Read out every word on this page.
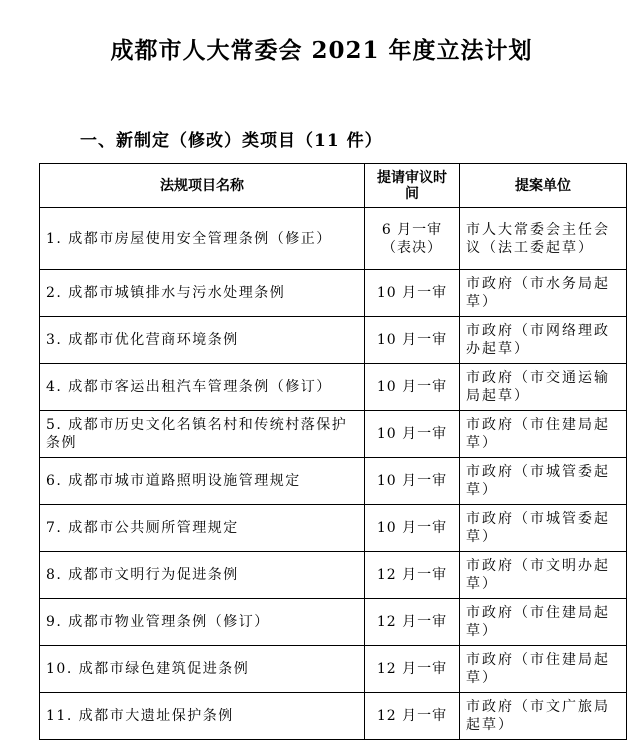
成都市人大常委会 2021 年度立法计划
一、新制定（修改）类项目（11 件）
法规项目名称	提请审议时间	提案单位
1. 成都市房屋使用安全管理条例（修正）	6 月一审（表决）	市人大常委会主任会议（法工委起草）
2. 成都市城镇排水与污水处理条例	10 月一审	市政府（市水务局起草）
3. 成都市优化营商环境条例	10 月一审	市政府（市网络理政办起草）
4. 成都市客运出租汽车管理条例（修订）	10 月一审	市政府（市交通运输局起草）
5. 成都市历史文化名镇名村和传统村落保护条例	10 月一审	市政府（市住建局起草）
6. 成都市城市道路照明设施管理规定	10 月一审	市政府（市城管委起草）
7. 成都市公共厕所管理规定	10 月一审	市政府（市城管委起草）
8. 成都市文明行为促进条例	12 月一审	市政府（市文明办起草）
9. 成都市物业管理条例（修订）	12 月一审	市政府（市住建局起草）
10. 成都市绿色建筑促进条例	12 月一审	市政府（市住建局起草）
11. 成都市大遗址保护条例	12 月一审	市政府（市文广旅局起草）
